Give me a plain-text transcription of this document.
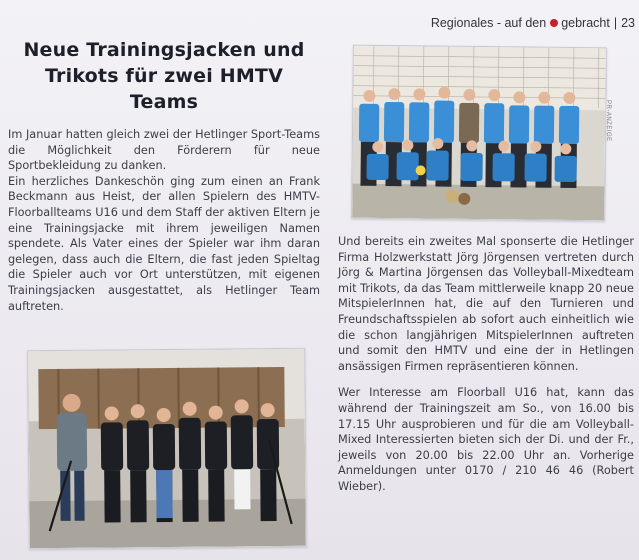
Regionales - auf den gebracht | 23
Neue Trainingsjacken und
Trikots für zwei HMTV
Teams

Im Januar hatten gleich zwei der Hetlinger Sport-Teams die Möglichkeit den Förderern für neue Sportbekleidung zu danken.

Ein herzliches Dankeschön ging zum einen an Frank Beckmann aus Heist, der allen Spielern des HMTV-Floorballteams U16 und dem Staff der aktiven Eltern je eine Trainingsjacke mit ihrem jeweiligen Namen spendete. Als Vater eines der Spieler war ihm daran gelegen, dass auch die Eltern, die fast jeden Spieltag die Spieler auch vor Ort unterstützen, mit eigenen Trainingsjacken ausgestattet, als Hetlinger Team auftreten.

Und bereits ein zweites Mal sponserte die Hetlinger Firma Holzwerkstatt Jörg Jörgensen vertreten durch Jörg & Martina Jörgensen das Volleyball-Mixedteam mit Trikots, da das Team mittlerweile knapp 20 neue MitspielerInnen hat, die auf den Turnieren und Freundschaftsspielen ab sofort auch einheitlich wie die schon langjährigen MitspielerInnen auftreten und somit den HMTV und eine der in Hetlingen ansässigen Firmen repräsentieren können.

Wer Interesse am Floorball U16 hat, kann das während der Trainingszeit am So., von 16.00 bis 17.15 Uhr ausprobieren und für die am Volleyball-Mixed Interessierten bieten sich der Di. und der Fr., jeweils von 20.00 bis 22.00 Uhr an. Vorherige Anmeldungen unter 0170 / 210 46 46 (Robert Wieber).

PR-ANZEIGE
